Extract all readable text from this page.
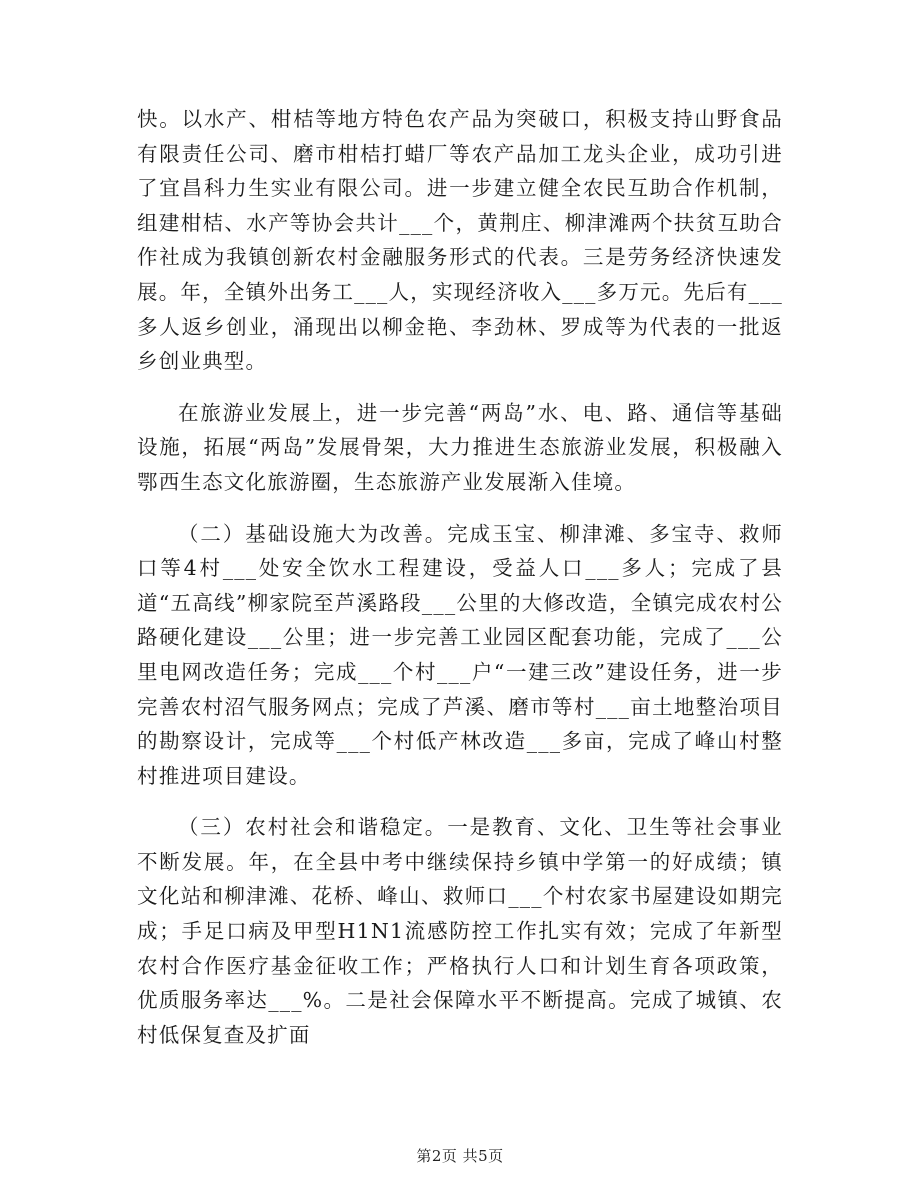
快。以水产、柑桔等地方特色农产品为突破口，积极支持山野食品有限责任公司、磨市柑桔打蜡厂等农产品加工龙头企业，成功引进了宜昌科力生实业有限公司。进一步建立健全农民互助合作机制，组建柑桔、水产等协会共计___个，黄荆庄、柳津滩两个扶贫互助合作社成为我镇创新农村金融服务形式的代表。三是劳务经济快速发展。年，全镇外出务工___人，实现经济收入___多万元。先后有___多人返乡创业，涌现出以柳金艳、李劲林、罗成等为代表的一批返乡创业典型。

在旅游业发展上，进一步完善“两岛”水、电、路、通信等基础设施，拓展“两岛”发展骨架，大力推进生态旅游业发展，积极融入鄂西生态文化旅游圈，生态旅游产业发展渐入佳境。

（二）基础设施大为改善。完成玉宝、柳津滩、多宝寺、救师口等4村___处安全饮水工程建设，受益人口___多人；完成了县道“五高线”柳家院至芦溪路段___公里的大修改造，全镇完成农村公路硬化建设___公里；进一步完善工业园区配套功能，完成了___公里电网改造任务；完成___个村___户“一建三改”建设任务，进一步完善农村沼气服务网点；完成了芦溪、磨市等村___亩土地整治项目的勘察设计，完成等___个村低产林改造___多亩，完成了峰山村整村推进项目建设。

（三）农村社会和谐稳定。一是教育、文化、卫生等社会事业不断发展。年，在全县中考中继续保持乡镇中学第一的好成绩；镇文化站和柳津滩、花桥、峰山、救师口___个村农家书屋建设如期完成；手足口病及甲型H1N1流感防控工作扎实有效；完成了年新型农村合作医疗基金征收工作；严格执行人口和计划生育各项政策，优质服务率达___%。二是社会保障水平不断提高。完成了城镇、农村低保复查及扩面

第2页 共5页
